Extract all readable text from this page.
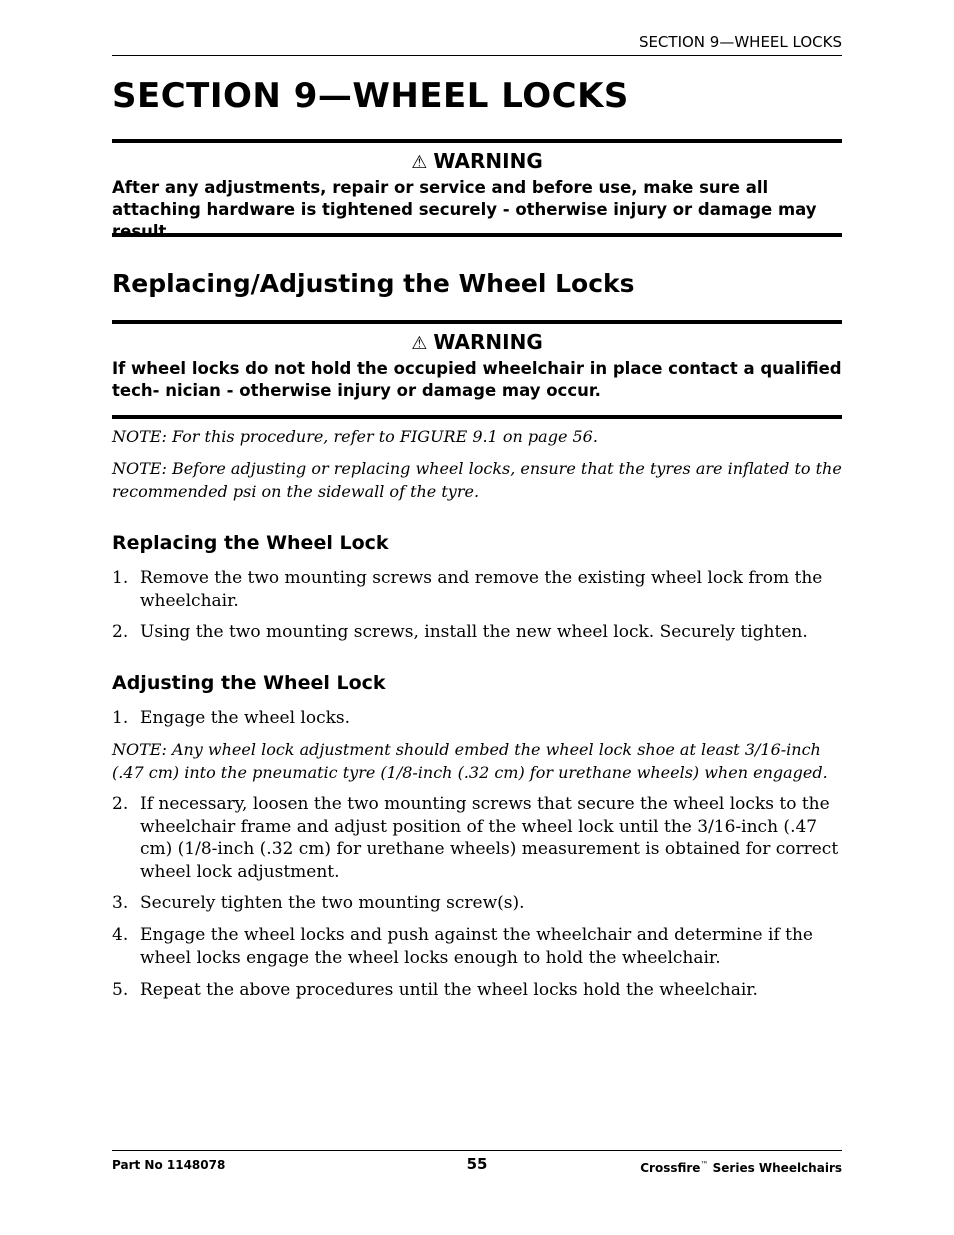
SECTION 9—WHEEL LOCKS
SECTION 9—WHEEL LOCKS
⚠ WARNING

After any adjustments, repair or service and before use, make sure all attaching hardware is tightened securely - otherwise injury or damage may result.

Replacing/Adjusting the Wheel Locks
⚠ WARNING

If wheel locks do not hold the occupied wheelchair in place contact a qualified tech- nician - otherwise injury or damage may occur.

NOTE: For this procedure, refer to FIGURE 9.1 on page 56.

NOTE: Before adjusting or replacing wheel locks, ensure that the tyres are inflated to the recommended psi on the sidewall of the tyre.

Replacing the Wheel Lock
1. Remove the two mounting screws and remove the existing wheel lock from the wheelchair.
2. Using the two mounting screws, install the new wheel lock. Securely tighten.
Adjusting the Wheel Lock
1. Engage the wheel locks.

NOTE: Any wheel lock adjustment should embed the wheel lock shoe at least 3/16-inch (.47 cm) into the pneumatic tyre (1/8-inch (.32 cm) for urethane wheels) when engaged.

2. If necessary, loosen the two mounting screws that secure the wheel locks to the wheelchair frame and adjust position of the wheel lock until the 3/16-inch (.47 cm) (1/8-inch (.32 cm) for urethane wheels) measurement is obtained for correct wheel lock adjustment.
3. Securely tighten the two mounting screw(s).
4. Engage the wheel locks and push against the wheelchair and determine if the wheel locks engage the wheel locks enough to hold the wheelchair.
5. Repeat the above procedures until the wheel locks hold the wheelchair.
Part No 1148078	55	Crossfire™ Series Wheelchairs
